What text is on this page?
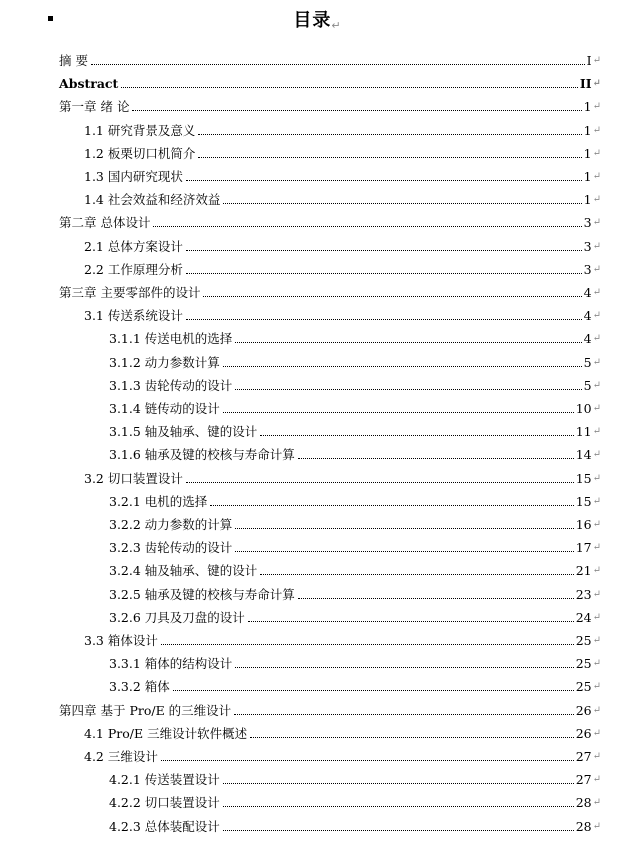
目录↵
摘 要	I ↵
Abstract	II ↵
第一章 绪 论	1 ↵
1.1 研究背景及意义	1 ↵
1.2 板栗切口机简介	1 ↵
1.3 国内研究现状	1 ↵
1.4 社会效益和经济效益	1 ↵
第二章 总体设计	3 ↵
2.1 总体方案设计	3 ↵
2.2 工作原理分析	3 ↵
第三章 主要零部件的设计	4 ↵
3.1 传送系统设计	4 ↵
3.1.1 传送电机的选择	4 ↵
3.1.2 动力参数计算	5 ↵
3.1.3 齿轮传动的设计	5 ↵
3.1.4 链传动的设计	10 ↵
3.1.5 轴及轴承、键的设计	11 ↵
3.1.6 轴承及键的校核与寿命计算	14 ↵
3.2 切口装置设计	15 ↵
3.2.1 电机的选择	15 ↵
3.2.2 动力参数的计算	16 ↵
3.2.3 齿轮传动的设计	17 ↵
3.2.4 轴及轴承、键的设计	21 ↵
3.2.5 轴承及键的校核与寿命计算	23 ↵
3.2.6 刀具及刀盘的设计	24 ↵
3.3 箱体设计	25 ↵
3.3.1 箱体的结构设计	25 ↵
3.3.2 箱体	25 ↵
第四章 基于 Pro/E 的三维设计	26 ↵
4.1 Pro/E 三维设计软件概述	26 ↵
4.2 三维设计	27 ↵
4.2.1 传送装置设计	27 ↵
4.2.2 切口装置设计	28 ↵
4.2.3 总体装配设计	28 ↵
